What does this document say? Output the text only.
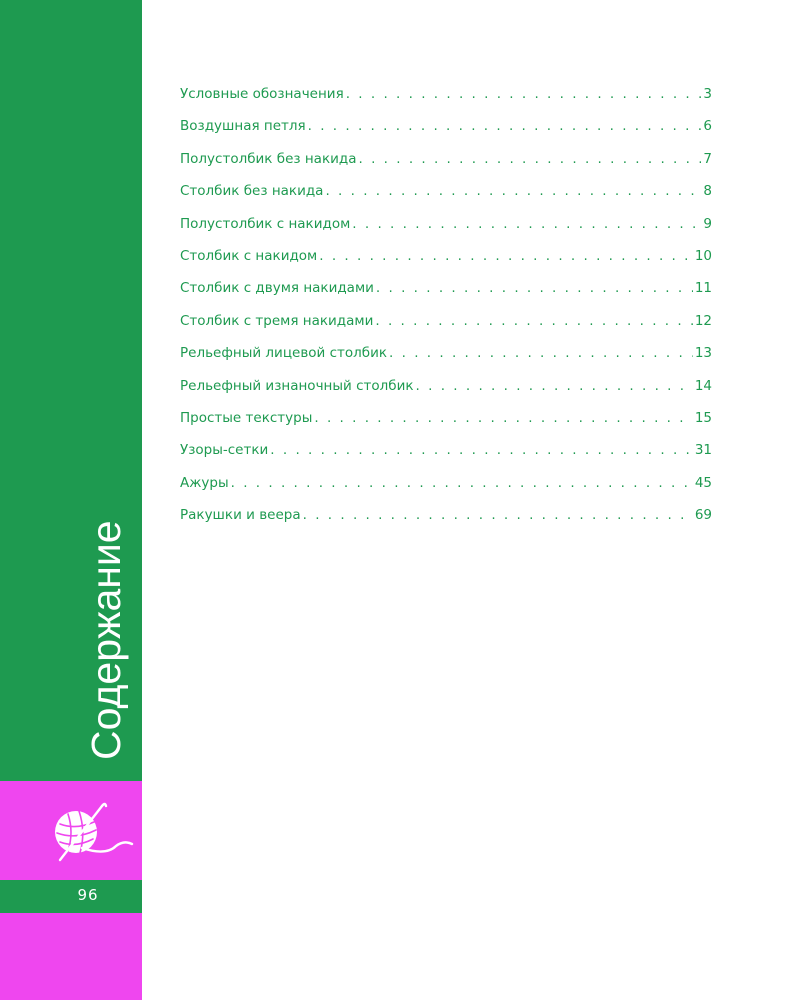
Содержание
96
Условные обозначения . . .	3
Воздушная петля . . .	6
Полустолбик без накида . . .	7
Столбик без накида . . .	8
Полустолбик с накидом . . .	9
Столбик с накидом . . .	10
Столбик с двумя накидами . . .	11
Столбик с тремя накидами . . .	12
Рельефный лицевой столбик . . .	13
Рельефный изнаночный столбик . . .	14
Простые текстуры . . .	15
Узоры-сетки . . .	31
Ажуры . . .	45
Ракушки и веера . . .	69
